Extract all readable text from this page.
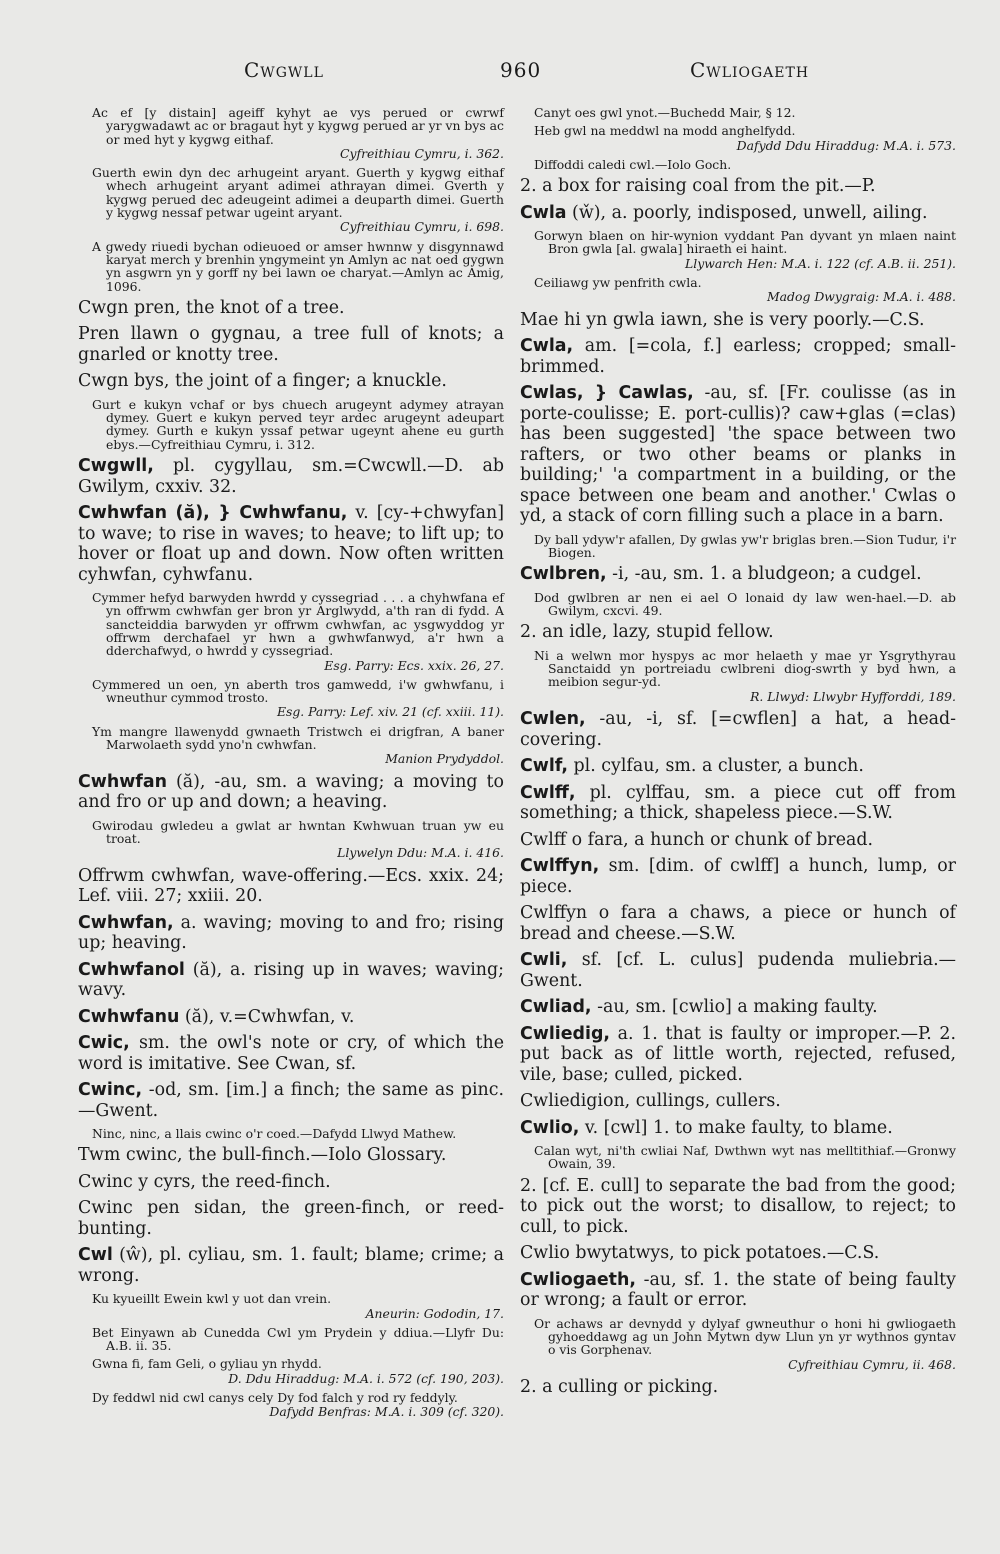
Cwgwll	960	Cwliogaeth
Ac ef [y distain] ageiff kyhyt ae vys perued or cwrwf yarygwadawt ac or bragaut hyt y kygwg perued ar yr vn bys ac or med hyt y kygwg eithaf.
Cyfreithiau Cymru, i. 362.
Guerth ewin dyn dec arhugeint aryant. Guerth y kygwg eithaf whech arhugeint aryant adimei athrayan dimei. Gverth y kygwg perued dec adeugeint adimei a deuparth dimei. Guerth y kygwg nessaf petwar ugeint aryant.
Cyfreithiau Cymru, i. 698.
A gwedy riuedi bychan odieuoed or amser hwnnw y disgynnawd karyat merch y brenhin yngymeint yn Amlyn ac nat oed gygwn yn asgwrn yn y gorff ny bei lawn oe charyat.—Amlyn ac Amig, 1096.
Cwgn pren, the knot of a tree.
Pren llawn o gygnau, a tree full of knots; a gnarled or knotty tree.
Cwgn bys, the joint of a finger; a knuckle.
Gurt e kukyn vchaf or bys chuech arugeynt adymey atrayan dymey. Guert e kukyn perved teyr ardec arugeynt adeupart dymey. Gurth e kukyn yssaf petwar ugeynt ahene eu gurth ebys.—Cyfreithiau Cymru, i. 312.
Cwgwll, pl. cygyllau, sm.=Cwcwll.—D. ab Gwilym, cxxiv. 32.
Cwhwfan (ă), } Cwhwfanu, v. [cy-+chwyfan] to wave; to rise in waves; to heave; to lift up; to hover or float up and down. Now often written cyhwfan, cyhwfanu.
Cymmer hefyd barwyden hwrdd y cyssegriad . . . a chyhwfana ef yn offrwm cwhwfan ger bron yr Arglwydd, a'th ran di fydd. A sancteiddia barwyden yr offrwm cwhwfan, ac ysgwyddog yr offrwm derchafael yr hwn a gwhwfanwyd, a'r hwn a dderchafwyd, o hwrdd y cyssegriad.
Esg. Parry: Ecs. xxix. 26, 27.
Cymmered un oen, yn aberth tros gamwedd, i'w gwhwfanu, i wneuthur cymmod trosto.
Esg. Parry: Lef. xiv. 21 (cf. xxiii. 11).
Ym mangre llawenydd gwnaeth Tristwch ei drigfran, A baner Marwolaeth sydd yno'n cwhwfan.
Manion Prydyddol.
Cwhwfan (ă), -au, sm. a waving; a moving to and fro or up and down; a heaving.
Gwirodau gwledeu a gwlat ar hwntan Kwhwuan truan yw eu troat.
Llywelyn Ddu: M.A. i. 416.
Offrwm cwhwfan, wave-offering.—Ecs. xxix. 24; Lef. viii. 27; xxiii. 20.
Cwhwfan, a. waving; moving to and fro; rising up; heaving.
Cwhwfanol (ă), a. rising up in waves; waving; wavy.
Cwhwfanu (ă), v.=Cwhwfan, v.
Cwic, sm. the owl's note or cry, of which the word is imitative. See Cwan, sf.
Cwinc, -od, sm. [im.] a finch; the same as pinc.—Gwent.
Ninc, ninc, a llais cwinc o'r coed.—Dafydd Llwyd Mathew.
Twm cwinc, the bull-finch.—Iolo Glossary.
Cwinc y cyrs, the reed-finch.
Cwinc pen sidan, the green-finch, or reed-bunting.
Cwl (ŵ), pl. cyliau, sm. 1. fault; blame; crime; a wrong.
Ku kyueillt Ewein kwl y uot dan vrein.
Aneurin: Gododin, 17.
Bet Einyawn ab Cunedda Cwl ym Prydein y ddiua.—Llyfr Du: A.B. ii. 35.
Gwna fi, fam Geli, o gyliau yn rhydd.
D. Ddu Hiraddug: M.A. i. 572 (cf. 190, 203).
Dy feddwl nid cwl canys cely Dy fod falch y rod ry feddyly.
Dafydd Benfras: M.A. i. 309 (cf. 320).
Canyt oes gwl ynot.—Buchedd Mair, § 12.
Heb gwl na meddwl na modd anghelfydd.
Dafydd Ddu Hiraddug: M.A. i. 573.
Diffoddi caledi cwl.—Iolo Goch.
2. a box for raising coal from the pit.—P.
Cwla (w̌), a. poorly, indisposed, unwell, ailing.
Gorwyn blaen on hir-wynion vyddant Pan dyvant yn mlaen naint Bron gwla [al. gwala] hiraeth ei haint.
Llywarch Hen: M.A. i. 122 (cf. A.B. ii. 251).
Ceiliawg yw penfrith cwla.
Madog Dwygraig: M.A. i. 488.
Mae hi yn gwla iawn, she is very poorly.—C.S.
Cwla, am. [=cola, f.] earless; cropped; small-brimmed.
Cwlas, } Cawlas, -au, sf. [Fr. coulisse (as in porte-coulisse; E. port-cullis)? caw+glas (=clas) has been suggested] 'the space between two rafters, or two other beams or planks in building;' 'a compartment in a building, or the space between one beam and another.' Cwlas o yd, a stack of corn filling such a place in a barn.
Dy ball ydyw'r afallen, Dy gwlas yw'r briglas bren.—Sion Tudur, i'r Biogen.
Cwlbren, -i, -au, sm. 1. a bludgeon; a cudgel.
Dod gwlbren ar nen ei ael O lonaid dy law wen-hael.—D. ab Gwilym, cxcvi. 49.
2. an idle, lazy, stupid fellow.
Ni a welwn mor hyspys ac mor helaeth y mae yr Ysgrythyrau Sanctaidd yn portreiadu cwlbreni diog-swrth y byd hwn, a meibion segur-yd.
R. Llwyd: Llwybr Hyfforddi, 189.
Cwlen, -au, -i, sf. [=cwflen] a hat, a head-covering.
Cwlf, pl. cylfau, sm. a cluster, a bunch.
Cwlff, pl. cylffau, sm. a piece cut off from something; a thick, shapeless piece.—S.W.
Cwlff o fara, a hunch or chunk of bread.
Cwlffyn, sm. [dim. of cwlff] a hunch, lump, or piece.
Cwlffyn o fara a chaws, a piece or hunch of bread and cheese.—S.W.
Cwli, sf. [cf. L. culus] pudenda muliebria.—Gwent.
Cwliad, -au, sm. [cwlio] a making faulty.
Cwliedig, a. 1. that is faulty or improper.—P. 2. put back as of little worth, rejected, refused, vile, base; culled, picked.
Cwliedigion, cullings, cullers.
Cwlio, v. [cwl] 1. to make faulty, to blame.
Calan wyt, ni'th cwliai Naf, Dwthwn wyt nas melltithiaf.—Gronwy Owain, 39.
2. [cf. E. cull] to separate the bad from the good; to pick out the worst; to disallow, to reject; to cull, to pick.
Cwlio bwytatwys, to pick potatoes.—C.S.
Cwliogaeth, -au, sf. 1. the state of being faulty or wrong; a fault or error.
Or achaws ar devnydd y dylyaf gwneuthur o honi hi gwliogaeth gyhoeddawg ag un John Mytwn dyw Llun yn yr wythnos gyntav o vis Gorphenav.
Cyfreithiau Cymru, ii. 468.
2. a culling or picking.
